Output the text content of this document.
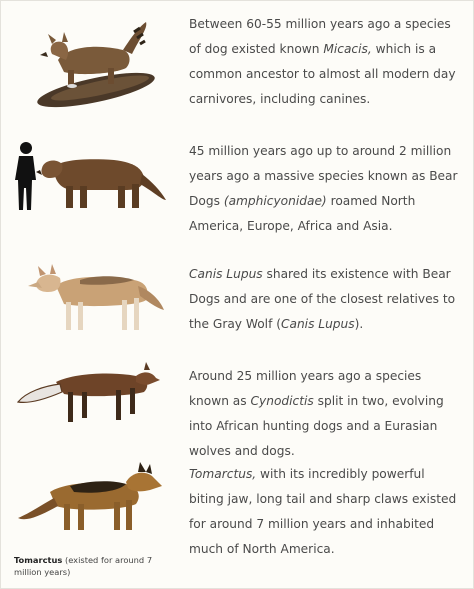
Between 60-55 million years ago a species of dog existed known Micacis, which is a common ancestor to almost all modern day carnivores, including canines.

45 million years ago up to around 2 million years ago a massive species known as Bear Dogs (amphicyonidae) roamed North America, Europe, Africa and Asia.

Canis Lupus shared its existence with Bear Dogs and are one of the closest relatives to the Gray Wolf (Canis Lupus).

Around 25 million years ago a species known as Cynodictis split in two, evolving into African hunting dogs and a Eurasian wolves and dogs.

Tomarctus, with its incredibly powerful biting jaw, long tail and sharp claws existed for around 7 million years and inhabited much of North America.

Tomarctus (existed for around 7 million years)
